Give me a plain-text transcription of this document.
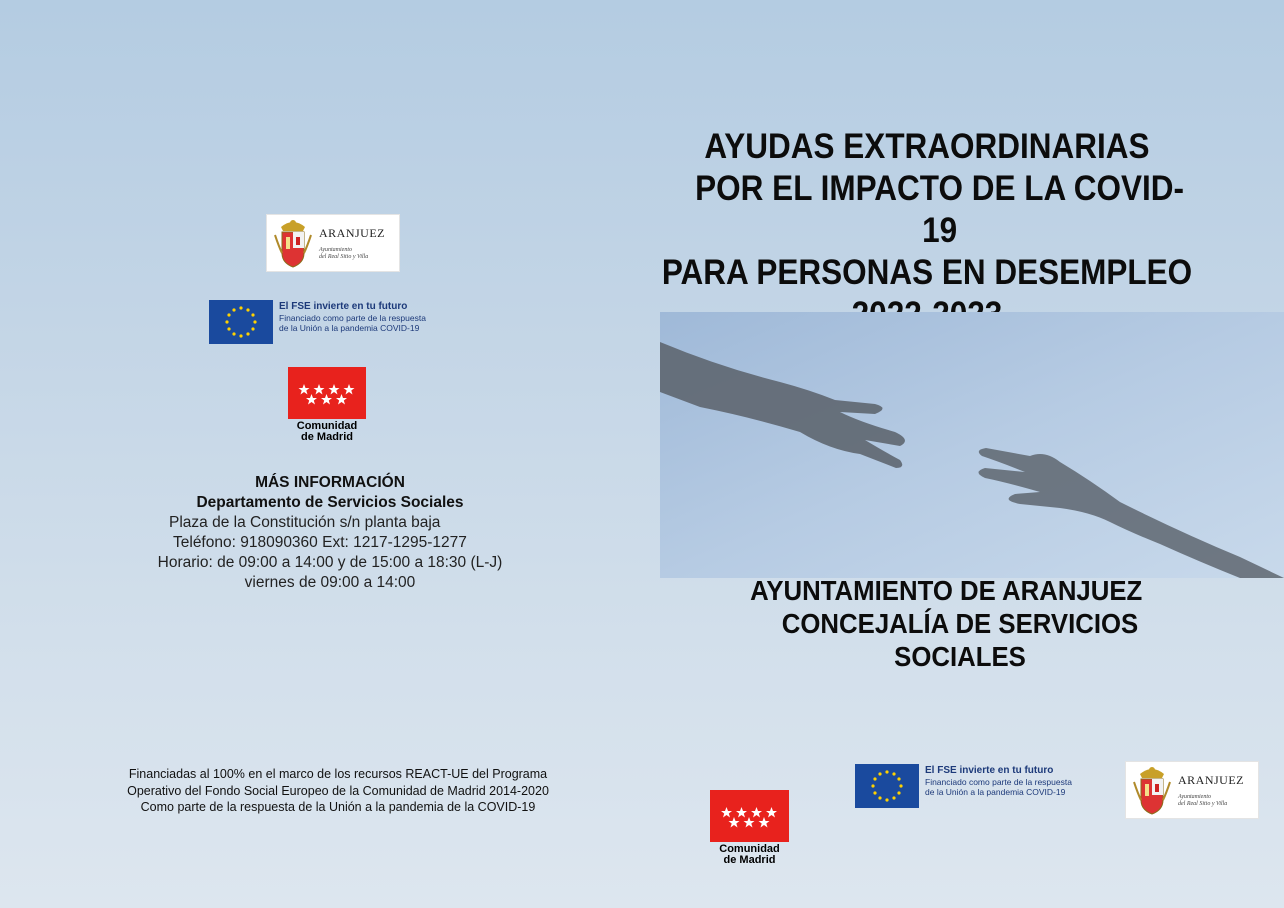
ARANJUEZ
Ayuntamiento
del Real Sitio y Villa
El FSE invierte en tu futuro
Financiado como parte de la respuesta
de la Unión a la pandemia COVID-19
Comunidad
de Madrid
MÁS INFORMACIÓN
Departamento de Servicios Sociales
Plaza de la Constitución s/n planta baja
Teléfono: 918090360 Ext: 1217-1295-1277
Horario: de 09:00 a 14:00 y de 15:00 a 18:30 (L-J)
viernes de 09:00 a 14:00
Financiadas al 100% en el marco de los recursos REACT-UE del Programa
Operativo del Fondo Social Europeo de la Comunidad de Madrid 2014-2020
Como parte de la respuesta de la Unión a la pandemia de la COVID-19
AYUDAS EXTRAORDINARIAS
POR EL IMPACTO DE LA COVID-19
PARA PERSONAS EN DESEMPLEO
AYUNTAMIENTO DE ARANJUEZ
CONCEJALÍA DE SERVICIOS SOCIALES
El FSE invierte en tu futuro
Financiado como parte de la respuesta
de la Unión a la pandemia COVID-19
ARANJUEZ
Ayuntamiento
del Real Sitio y Villa
Comunidad
de Madrid
